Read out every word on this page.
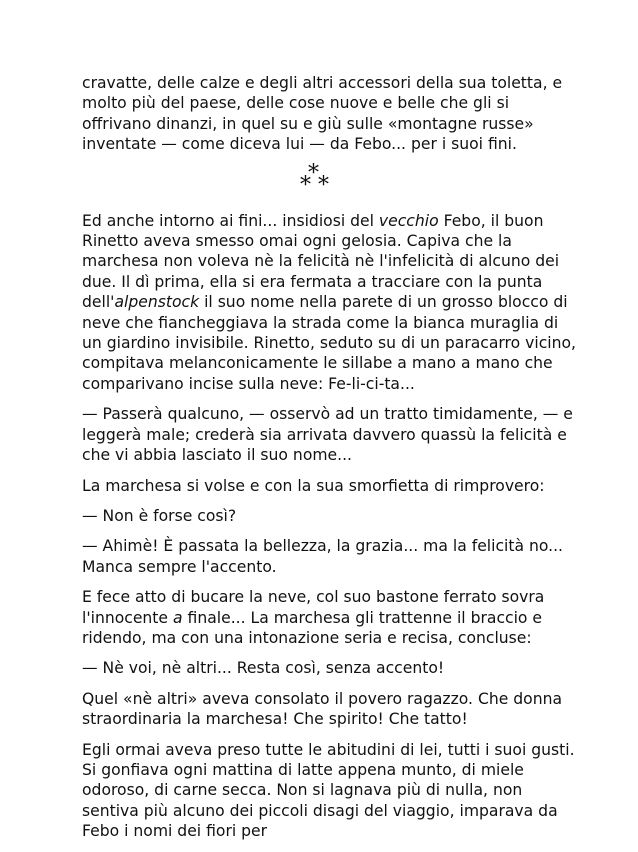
cravatte, delle calze e degli altri accessori della sua toletta, e molto più del paese, delle cose nuove e belle che gli si offrivano dinanzi, in quel su e giù sulle «montagne russe» inventate — come diceva lui — da Febo... per i suoi fini.

*
* *

Ed anche intorno ai fini... insidiosi del vecchio Febo, il buon Rinetto aveva smesso omai ogni gelosia. Capiva che la marchesa non voleva nè la felicità nè l'infelicità di alcuno dei due. Il dì prima, ella si era fermata a tracciare con la punta dell'alpenstock il suo nome nella parete di un grosso blocco di neve che fiancheggiava la strada come la bianca muraglia di un giardino invisibile. Rinetto, seduto su di un paracarro vicino, compitava melanconicamente le sillabe a mano a mano che comparivano incise sulla neve: Fe-li-ci-ta...

— Passerà qualcuno, — osservò ad un tratto timidamente, — e leggerà male; crederà sia arrivata davvero quassù la felicità e che vi abbia lasciato il suo nome...

La marchesa si volse e con la sua smorfietta di rimprovero:

— Non è forse così?

— Ahimè! È passata la bellezza, la grazia... ma la felicità no... Manca sempre l'accento.

E fece atto di bucare la neve, col suo bastone ferrato sovra l'innocente a finale... La marchesa gli trattenne il braccio e ridendo, ma con una intonazione seria e recisa, concluse:

— Nè voi, nè altri... Resta così, senza accento!

Quel «nè altri» aveva consolato il povero ragazzo. Che donna straordinaria la marchesa! Che spirito! Che tatto!

Egli ormai aveva preso tutte le abitudini di lei, tutti i suoi gusti. Si gonfiava ogni mattina di latte appena munto, di miele odoroso, di carne secca. Non si lagnava più di nulla, non sentiva più alcuno dei piccoli disagi del viaggio, imparava da Febo i nomi dei fiori per
